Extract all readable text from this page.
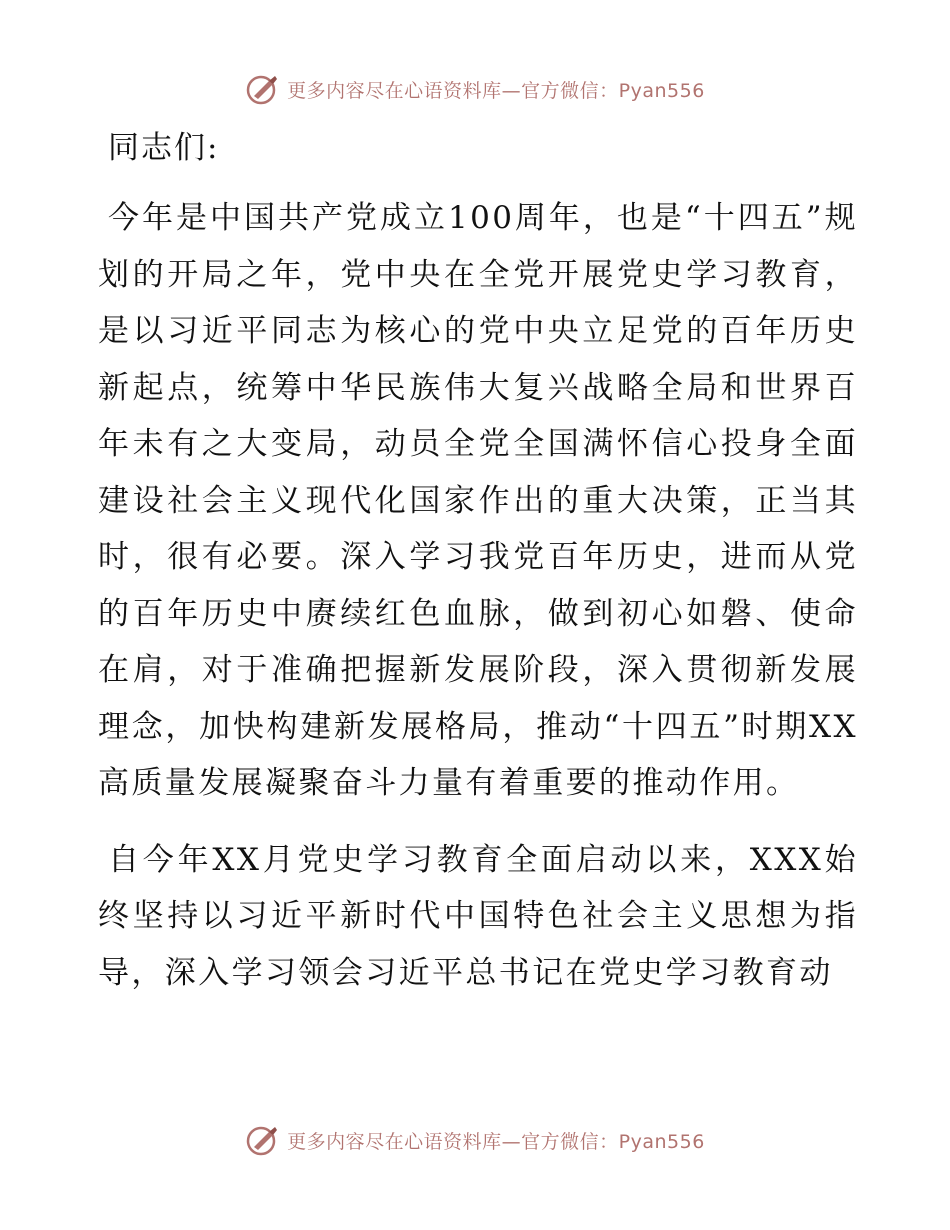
更多内容尽在心语资料库—官方微信：Pyan556
同志们:

今年是中国共产党成立100周年，也是“十四五”规划的开局之年，党中央在全党开展党史学习教育，是以习近平同志为核心的党中央立足党的百年历史新起点，统筹中华民族伟大复兴战略全局和世界百年未有之大变局，动员全党全国满怀信心投身全面建设社会主义现代化国家作出的重大决策，正当其时，很有必要。深入学习我党百年历史，进而从党的百年历史中赓续红色血脉，做到初心如磐、使命在肩，对于准确把握新发展阶段，深入贯彻新发展理念，加快构建新发展格局，推动“十四五”时期XX高质量发展凝聚奋斗力量有着重要的推动作用。

自今年XX月党史学习教育全面启动以来，XXX始终坚持以习近平新时代中国特色社会主义思想为指导，深入学习领会习近平总书记在党史学习教育动

更多内容尽在心语资料库—官方微信：Pyan556
